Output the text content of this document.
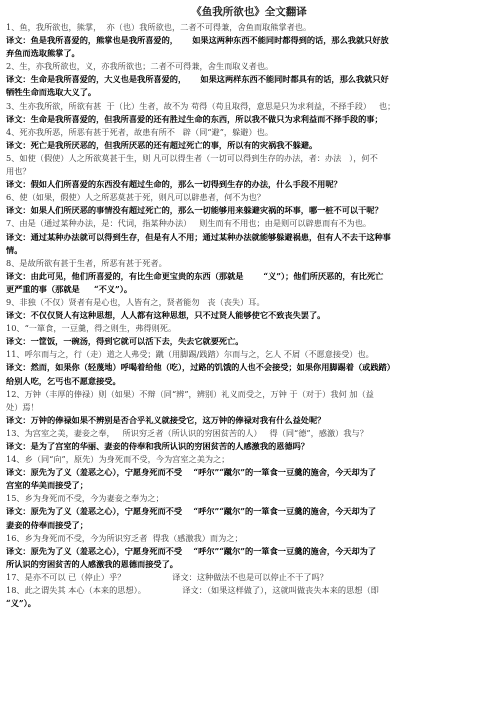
《鱼我所欲也》全文翻译
1、鱼，我所欲也，熊掌，  亦（也）我所欲也，二者不可得兼，舍鱼而取熊掌者也。
译文：鱼是我所喜爱的，熊掌也是我所喜爱的，     如果这两种东西不能同时都得到的话，那么我就只好放
弃鱼而选取熊掌了。
2、生，亦我所欲也，义，亦我所欲也；二者不可得兼，舍生而取义者也。
译文：生命是我所喜爱的，大义也是我所喜爱的，     如果这两样东西不能同时都具有的话，那么我就只好
牺牲生命而选取大义了。
3、生亦我所欲，所欲有甚  于（比）生者，故不为 苟得（苟且取得，意思是只为求利益，不择手段）   也；
译文：生命是我所喜爱的，但我所喜爱的还有胜过生命的东西，所以我不做只为求利益而不择手段的事；
4、死亦我所恶，所恶有甚于死者，故患有所不   辟（同“避”，躲避）也。
译文：死亡是我所厌恶的，但我所厌恶的还有超过死亡的事，所以有的灾祸我不躲避。
5、如使（假使）人之所欲莫甚于生，则 凡可以得生者（一切可以得到生存的办法，者：办法   ），何不
用也？
译文：假如人们所喜爱的东西没有超过生命的，那么一切得到生存的办法，什么手段不用呢？
6、使（如果，假使）人之所恶莫甚于死，则凡可以辟患者，何不为也？
译文：如果人们所厌恶的事情没有超过死亡的，那么一切能够用来躲避灾祸的坏事，哪一桩不可以干呢？
7、由是（通过某种办法，是：代词，指某种办法）   则生而有不用也；由是则可以辟患而有不为也。
译文：通过某种办法就可以得到生存，但是有人不用；通过某种办法就能够躲避祸患，但有人不去干这种事
情。
8、是故所欲有甚于生者，所恶有甚于死者。
译文：由此可见，他们所喜爱的，有比生命更宝贵的东西（那就是       “义”）；他们所厌恶的，有比死亡
更严重的事（那就是     “不义”）。
9、非独（不仅）贤者有是心也，人皆有之，贤者能勿   丧（丧失）耳。
译文：不仅仅贤人有这种思想，人人都有这种思想，只不过贤人能够使它不致丧失罢了。
10、“一箪食，一豆羹，得之则生，弗得则死。
译文：一筐饭，一碗汤，得到它就可以活下去，失去它就要死亡。
11、呼尔而与之，行（走）道之人弗受；蹴（用脚踢/践踏）尔而与之，乞人 不屑（不愿意接受）也。
译文：然而，如果你（轻蔑地）呼喝着给他（吃），过路的饥饿的人也不会接受；如果你用脚踢着（或践踏）
给别人吃，乞丐也不愿意接受。
12、万钟（丰厚的俸禄）则（如果）不辩（同“辨”，辨别）礼义而受之，万钟 于（对于）我何 加（益
处）焉！
译文：万钟的俸禄如果不辨别是否合乎礼义就接受它，这万钟的俸禄对我有什么益处呢？
13、为宫室之美，妻妾之奉，   所识穷乏者（所认识的穷困贫苦的人）   得（同“德”，感激）我与？
译文：是为了宫室的华丽、妻妾的侍奉和我所认识的穷困贫苦的人感激我的恩德吗？
14、乡（同“向”，原先）为身死而不受，今为宫室之美为之；
译文：原先为了义（羞恶之心），宁愿身死而不受    “呼尔”“蹴尔”的一箪食一豆羹的施舍，今天却为了
宫室的华美而接受了；
15、乡为身死而不受，今为妻妾之奉为之；
译文：原先为了义（羞恶之心），宁愿身死而不受    “呼尔”“蹴尔”的一箪食一豆羹的施舍，今天却为了
妻妾的侍奉而接受了；
16、乡为身死而不受，今为所识穷乏者  得我（感激我）而为之；
译文：原先为了义（羞恶之心），宁愿身死而不受    “呼尔”“蹴尔”的一箪食一豆羹的施舍，今天却为了
所认识的穷困贫苦的人感激我的恩德而接受了。
17、是亦不可以 已（停止）乎？                  译文：这种做法不也是可以停止不干了吗？
18、此之谓失其 本心（本来的思想）。              译文：（如果这样做了），这就叫做丧失本来的思想（即
“义”）。
